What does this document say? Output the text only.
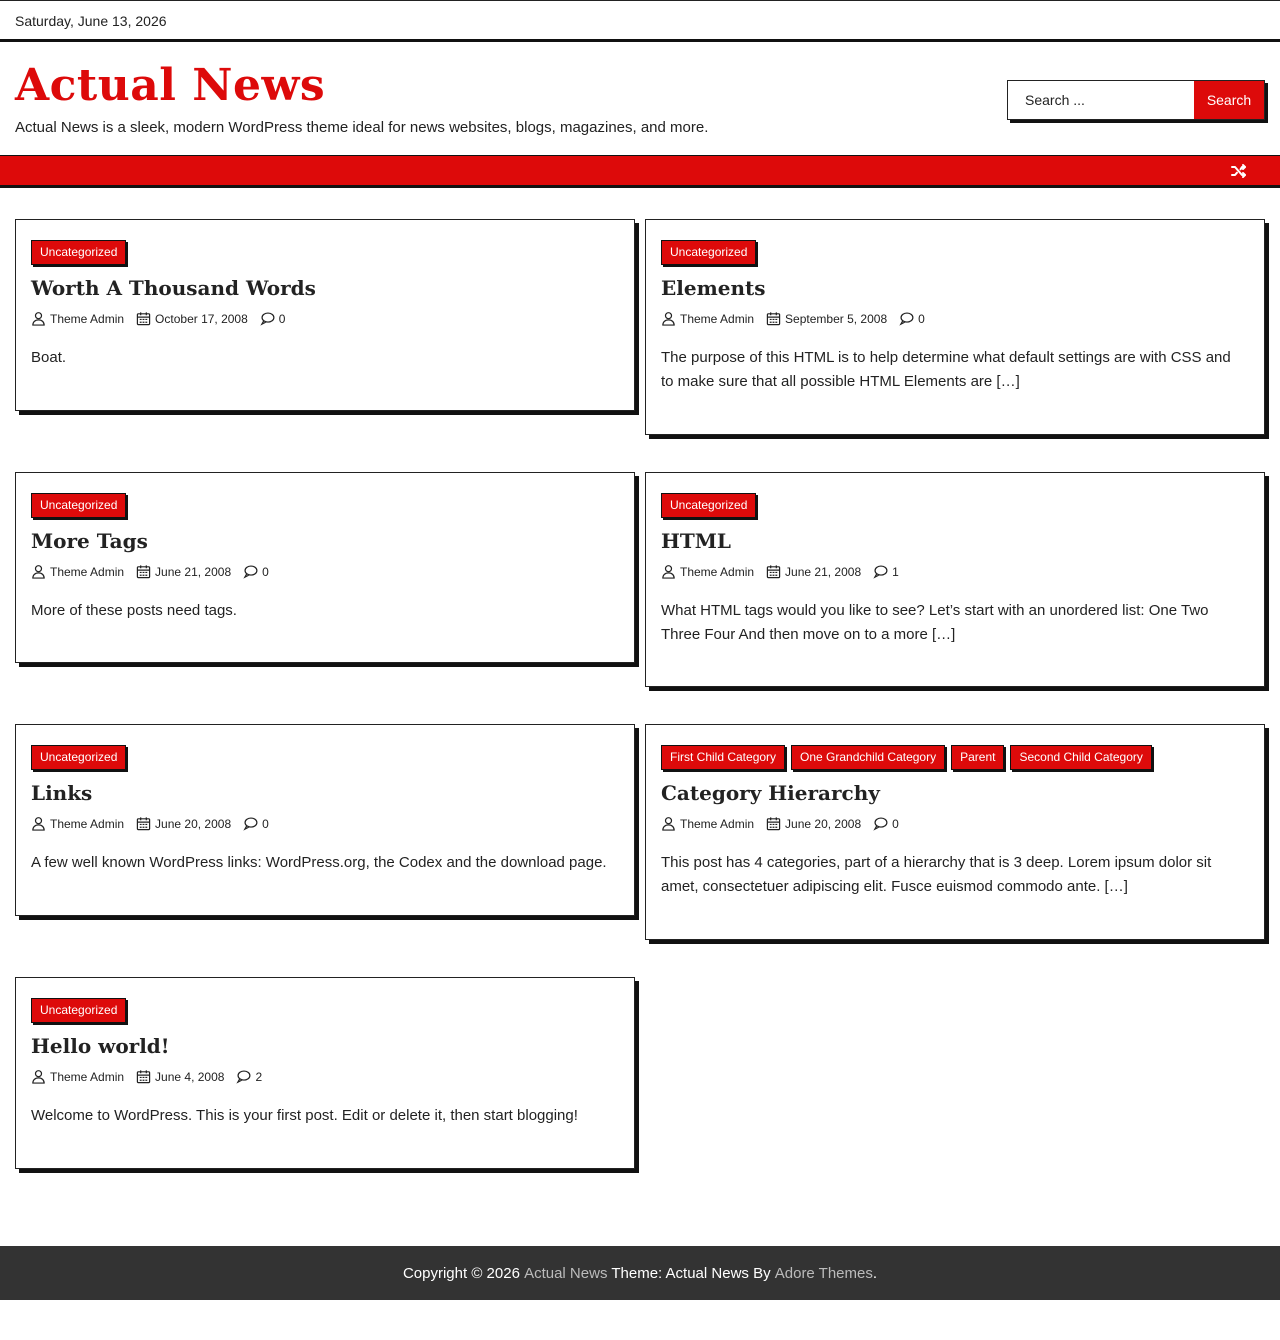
Saturday, June 13, 2026
Actual News
Actual News is a sleek, modern WordPress theme ideal for news websites, blogs, magazines, and more.
Search ...
Search
Uncategorized
Worth A Thousand Words
Theme Admin	October 17, 2008	0
Boat.
Uncategorized
Elements
Theme Admin	September 5, 2008	0
The purpose of this HTML is to help determine what default settings are with CSS and to make sure that all possible HTML Elements are […]
Uncategorized
More Tags
Theme Admin	June 21, 2008	0
More of these posts need tags.
Uncategorized
HTML
Theme Admin	June 21, 2008	1
What HTML tags would you like to see? Let’s start with an unordered list: One Two Three Four And then move on to a more […]
Uncategorized
Links
Theme Admin	June 20, 2008	0
A few well known WordPress links: WordPress.org, the Codex and the download page.
First Child Category	One Grandchild Category	Parent	Second Child Category
Category Hierarchy
Theme Admin	June 20, 2008	0
This post has 4 categories, part of a hierarchy that is 3 deep. Lorem ipsum dolor sit amet, consectetuer adipiscing elit. Fusce euismod commodo ante. […]
Uncategorized
Hello world!
Theme Admin	June 4, 2008	2
Welcome to WordPress. This is your first post. Edit or delete it, then start blogging!
Copyright © 2026 Actual News Theme: Actual News By Adore Themes .
